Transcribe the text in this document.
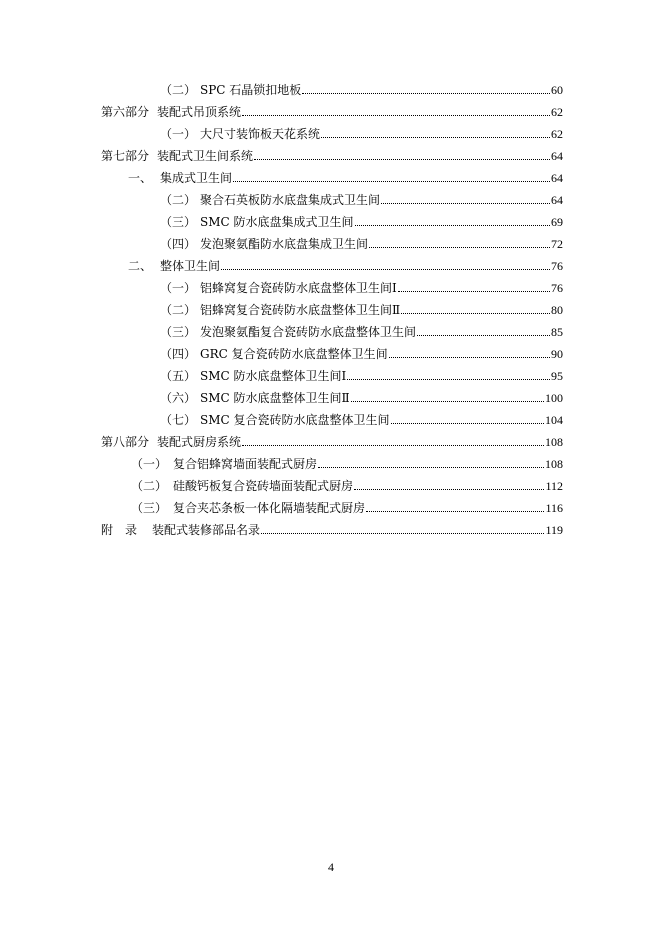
（二） SPC 石晶锁扣地板	60
第六部分 装配式吊顶系统	62
（一） 大尺寸装饰板天花系统	62
第七部分 装配式卫生间系统	64
一、 集成式卫生间	64
（二） 聚合石英板防水底盘集成式卫生间	64
（三） SMC 防水底盘集成式卫生间	69
（四） 发泡聚氨酯防水底盘集成卫生间	72
二、 整体卫生间	76
（一） 铝蜂窝复合瓷砖防水底盘整体卫生间Ⅰ	76
（二） 铝蜂窝复合瓷砖防水底盘整体卫生间Ⅱ	80
（三） 发泡聚氨酯复合瓷砖防水底盘整体卫生间	85
（四） GRC 复合瓷砖防水底盘整体卫生间	90
（五） SMC 防水底盘整体卫生间Ⅰ	95
（六） SMC 防水底盘整体卫生间Ⅱ	100
（七） SMC 复合瓷砖防水底盘整体卫生间	104
第八部分 装配式厨房系统	108
（一） 复合铝蜂窝墙面装配式厨房	108
（二） 硅酸钙板复合瓷砖墙面装配式厨房	112
（三） 复合夹芯条板一体化隔墙装配式厨房	116
附　录	装配式装修部品名录	119
4
